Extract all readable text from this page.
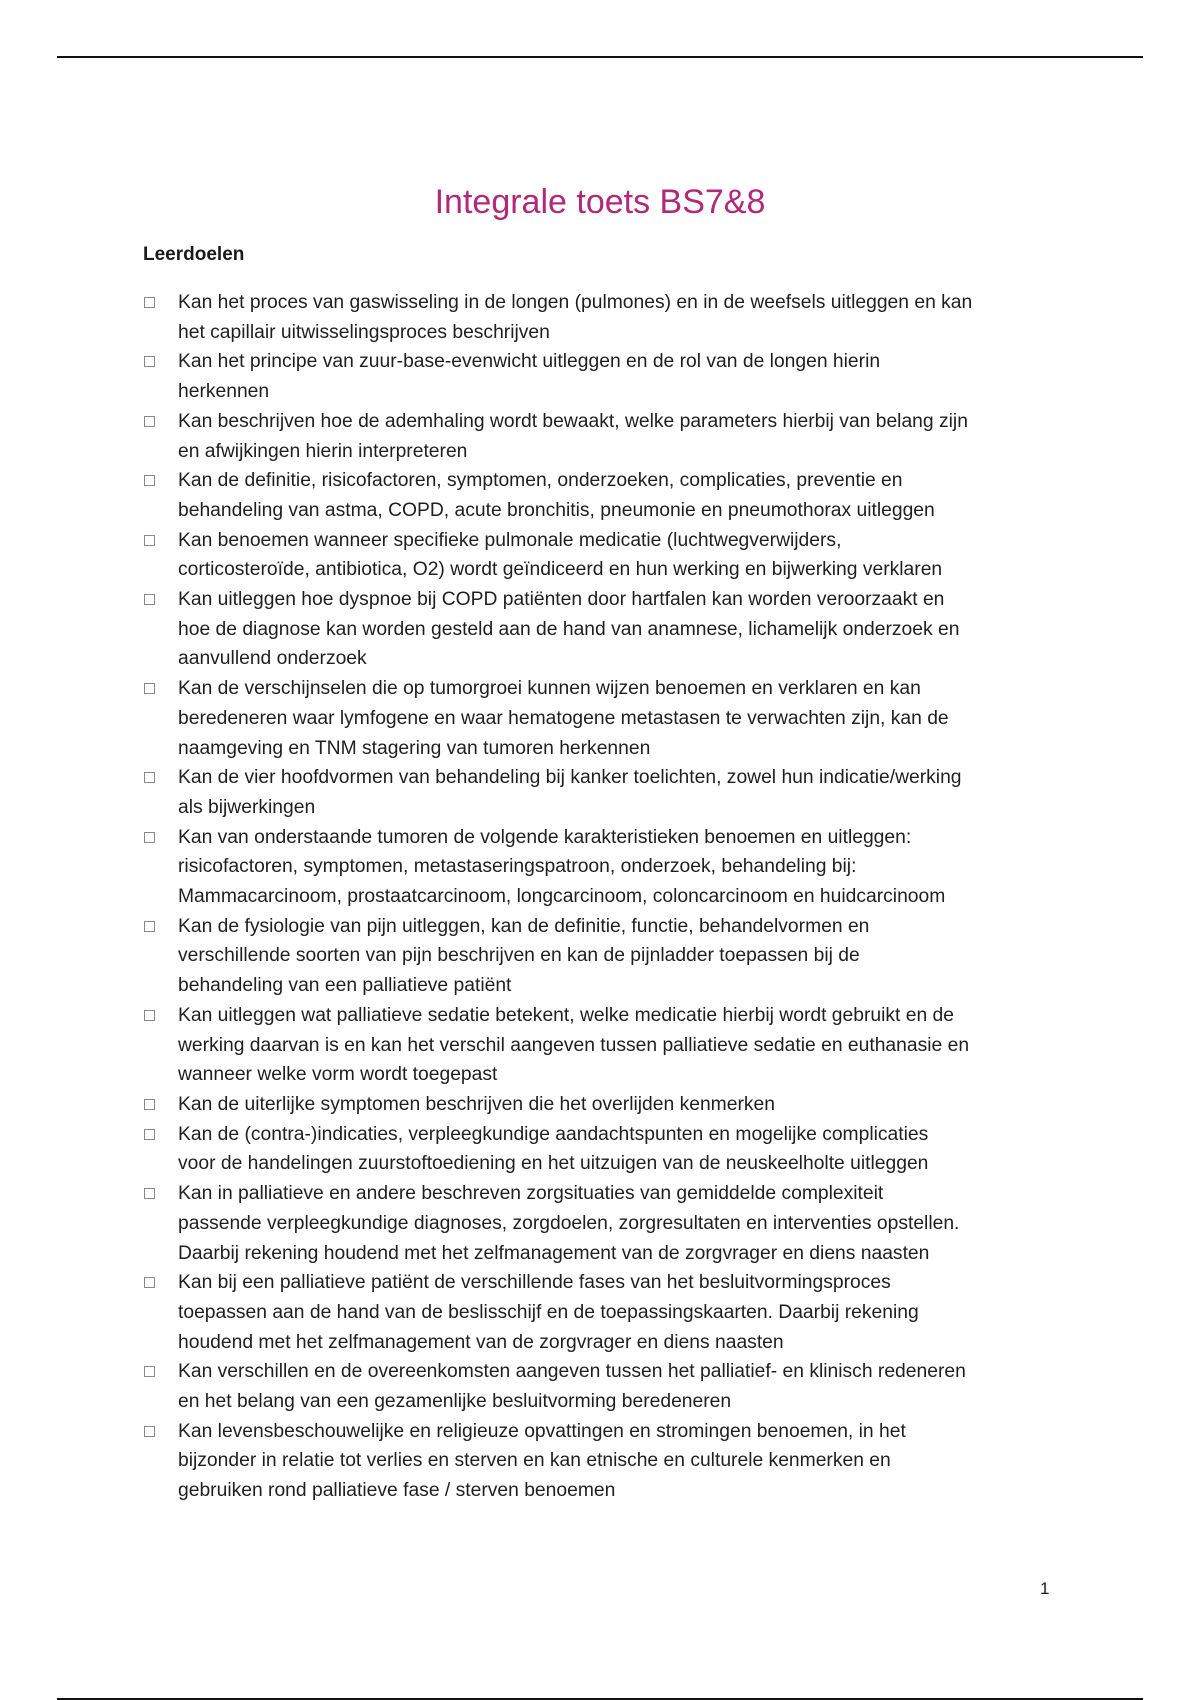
Integrale toets BS7&8
Leerdoelen
Kan het proces van gaswisseling in de longen (pulmones) en in de weefsels uitleggen en kan
het capillair uitwisselingsproces beschrijven
Kan het principe van zuur-base-evenwicht uitleggen en de rol van de longen hierin
herkennen
Kan beschrijven hoe de ademhaling wordt bewaakt, welke parameters hierbij van belang zijn
en afwijkingen hierin interpreteren
Kan de definitie, risicofactoren, symptomen, onderzoeken, complicaties, preventie en
behandeling van astma, COPD, acute bronchitis, pneumonie en pneumothorax uitleggen
Kan benoemen wanneer specifieke pulmonale medicatie (luchtwegverwijders,
corticosteroïde, antibiotica, O2) wordt geïndiceerd en hun werking en bijwerking verklaren
Kan uitleggen hoe dyspnoe bij COPD patiënten door hartfalen kan worden veroorzaakt en
hoe de diagnose kan worden gesteld aan de hand van anamnese, lichamelijk onderzoek en
aanvullend onderzoek
Kan de verschijnselen die op tumorgroei kunnen wijzen benoemen en verklaren en kan
beredeneren waar lymfogene en waar hematogene metastasen te verwachten zijn, kan de
naamgeving en TNM stagering van tumoren herkennen
Kan de vier hoofdvormen van behandeling bij kanker toelichten, zowel hun indicatie/werking
als bijwerkingen
Kan van onderstaande tumoren de volgende karakteristieken benoemen en uitleggen:
risicofactoren, symptomen, metastaseringspatroon, onderzoek, behandeling bij:
Mammacarcinoom, prostaatcarcinoom, longcarcinoom, coloncarcinoom en huidcarcinoom
Kan de fysiologie van pijn uitleggen, kan de definitie, functie, behandelvormen en
verschillende soorten van pijn beschrijven en kan de pijnladder toepassen bij de
behandeling van een palliatieve patiënt
Kan uitleggen wat palliatieve sedatie betekent, welke medicatie hierbij wordt gebruikt en de
werking daarvan is en kan het verschil aangeven tussen palliatieve sedatie en euthanasie en
wanneer welke vorm wordt toegepast
Kan de uiterlijke symptomen beschrijven die het overlijden kenmerken
Kan de (contra-)indicaties, verpleegkundige aandachtspunten en mogelijke complicaties
voor de handelingen zuurstoftoediening en het uitzuigen van de neuskeelholte uitleggen
Kan in palliatieve en andere beschreven zorgsituaties van gemiddelde complexiteit
passende verpleegkundige diagnoses, zorgdoelen, zorgresultaten en interventies opstellen.
Daarbij rekening houdend met het zelfmanagement van de zorgvrager en diens naasten
Kan bij een palliatieve patiënt de verschillende fases van het besluitvormingsproces
toepassen aan de hand van de beslisschijf en de toepassingskaarten. Daarbij rekening
houdend met het zelfmanagement van de zorgvrager en diens naasten
Kan verschillen en de overeenkomsten aangeven tussen het palliatief- en klinisch redeneren
en het belang van een gezamenlijke besluitvorming beredeneren
Kan levensbeschouwelijke en religieuze opvattingen en stromingen benoemen, in het
bijzonder in relatie tot verlies en sterven en kan etnische en culturele kenmerken en
gebruiken rond palliatieve fase / sterven benoemen
1
